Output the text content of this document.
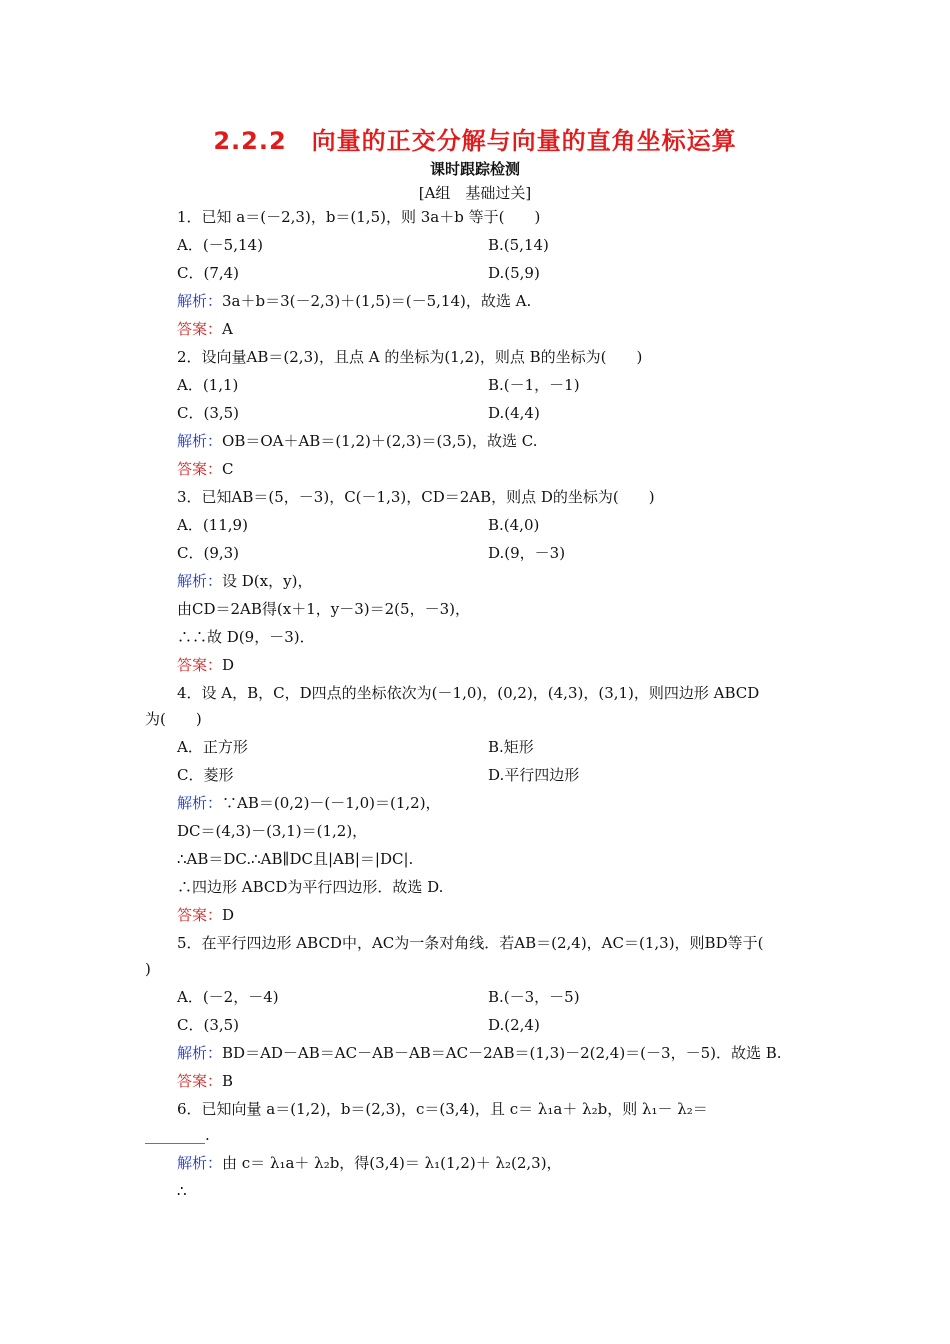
2.2.2　向量的正交分解与向量的直角坐标运算
课时跟踪检测
[A组　基础过关]
1．已知 a＝(－2,3)，b＝(1,5)，则 3a＋b 等于(　　)
A．(－5,14)	B.(5,14)
C．(7,4)	D.(5,9)
解析：3a＋b＝3(－2,3)＋(1,5)＝(－5,14)，故选 A.
答案：A
2．设向量AB＝(2,3)，且点 A 的坐标为(1,2)，则点 B的坐标为(　　)
A．(1,1)	B.(－1，－1)
C．(3,5)	D.(4,4)
解析：OB＝OA＋AB＝(1,2)＋(2,3)＝(3,5)，故选 C.
答案：C
3．已知AB＝(5，－3)，C(－1,3)，CD＝2AB，则点 D的坐标为(　　)
A．(11,9)	B.(4,0)
C．(9,3)	D.(9，－3)
解析：设 D(x，y)，
由CD＝2AB得(x＋1，y－3)＝2(5，－3)，
∴∴故 D(9，－3)．
答案：D
4．设 A，B，C，D四点的坐标依次为(－1,0)，(0,2)，(4,3)，(3,1)，则四边形 ABCD
为(　　)
A．正方形	B.矩形
C．菱形	D.平行四边形
解析：∵AB＝(0,2)－(－1,0)＝(1,2)，
DC＝(4,3)－(3,1)＝(1,2)，
∴AB＝DC.∴AB∥DC且|AB|＝|DC|.
∴四边形 ABCD为平行四边形．故选 D.
答案：D
5．在平行四边形 ABCD中，AC为一条对角线．若AB＝(2,4)，AC＝(1,3)，则BD等于(
)
A．(－2，－4)	B.(－3，－5)
C．(3,5)	D.(2,4)
解析：BD＝AD－AB＝AC－AB－AB＝AC－2AB＝(1,3)－2(2,4)＝(－3，－5)．故选 B.
答案：B
6．已知向量 a＝(1,2)，b＝(2,3)，c＝(3,4)，且 c＝ λ₁a＋ λ₂b，则 λ₁－ λ₂＝
________.
解析：由 c＝ λ₁a＋ λ₂b，得(3,4)＝ λ₁(1,2)＋ λ₂(2,3)，
∴
